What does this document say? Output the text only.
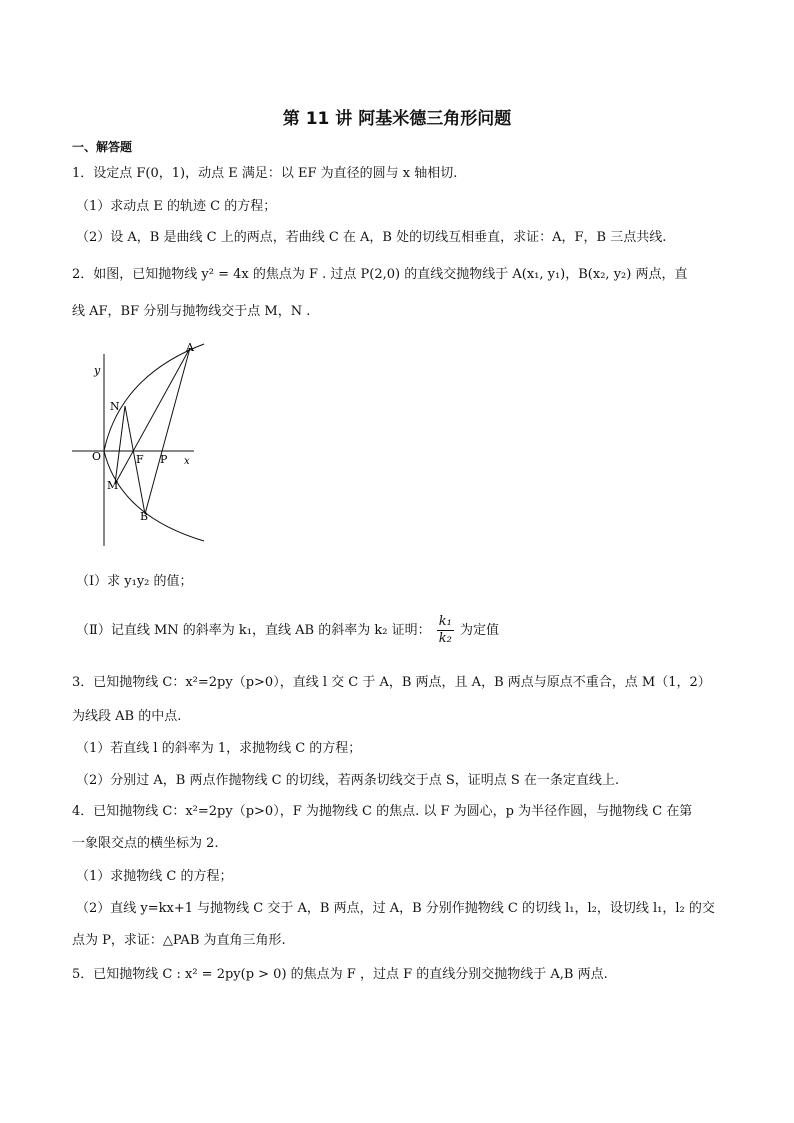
第 11 讲 阿基米德三角形问题
一、解答题
1．设定点 F(0，1)，动点 E 满足：以 EF 为直径的圆与 x 轴相切.
（1）求动点 E 的轨迹 C 的方程；
（2）设 A，B 是曲线 C 上的两点，若曲线 C 在 A，B 处的切线互相垂直，求证：A，F，B 三点共线.
2．如图，已知抛物线 y² = 4x 的焦点为 F . 过点 P(2,0) 的直线交抛物线于 A(x₁, y₁)，B(x₂, y₂) 两点，直
线 AF，BF 分别与抛物线交于点 M，N .
y
x
O	F P
A
B
M
N
（Ⅰ）求 y₁y₂ 的值；
（Ⅱ）记直线 MN 的斜率为 k₁，直线 AB 的斜率为 k₂ 证明： $\frac{\text{k₁}}{\text{k₂}}$ 为定值
3．已知抛物线 C：x²=2py（p>0），直线 l 交 C 于 A，B 两点，且 A，B 两点与原点不重合，点 M（1，2）
为线段 AB 的中点.
（1）若直线 l 的斜率为 1，求抛物线 C 的方程；
（2）分别过 A，B 两点作抛物线 C 的切线，若两条切线交于点 S，证明点 S 在一条定直线上.
4．已知抛物线 C：x²=2py（p>0），F 为抛物线 C 的焦点. 以 F 为圆心，p 为半径作圆，与抛物线 C 在第
一象限交点的横坐标为 2.
（1）求抛物线 C 的方程；
（2）直线 y=kx+1 与抛物线 C 交于 A，B 两点，过 A，B 分别作抛物线 C 的切线 l₁，l₂，设切线 l₁，l₂ 的交
点为 P，求证：△PAB 为直角三角形.
5．已知抛物线 C : x² = 2py(p > 0) 的焦点为 F ，过点 F 的直线分别交抛物线于 A,B 两点.
